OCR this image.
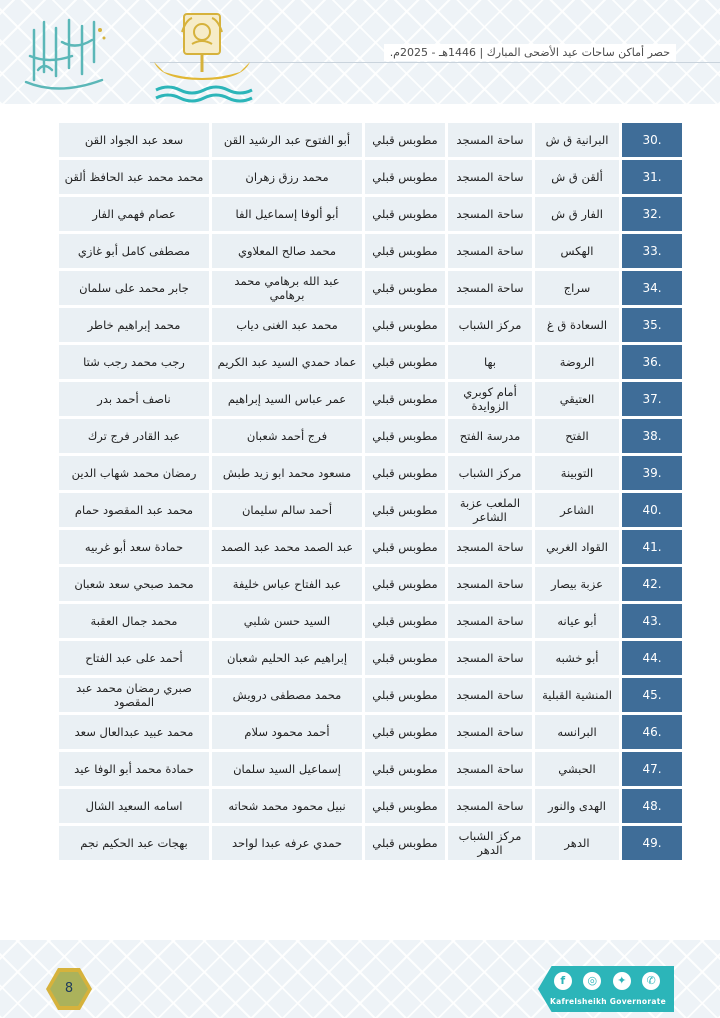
حصر أماكن ساحات عيد الأضحى المبارك | 1446هـ - 2025م.
.30	البرانية ق ش	ساحة المسجد	مطوبس قبلي	أبو الفتوح عبد الرشيد القن	سعد عبد الجواد القن
.31	ألقن ق ش	ساحة المسجد	مطوبس قبلي	محمد رزق زهران	محمد محمد عبد الحافظ ألقن
.32	الفار ق ش	ساحة المسجد	مطوبس قبلي	أبو ألوفا إسماعيل الفا	عصام فهمي الفار
.33	الهكس	ساحة المسجد	مطوبس قبلي	محمد صالح المعلاوي	مصطفى كامل أبو غازي
.34	سراج	ساحة المسجد	مطوبس قبلي	عبد الله برهامي محمد برهامي	جابر محمد على سلمان
.35	السعادة ق غ	مركز الشباب	مطوبس قبلي	محمد عبد الغنى دياب	محمد إبراهيم خاطر
.36	الروضة	بها	مطوبس قبلي	عماد حمدي السيد عبد الكريم	رجب محمد رجب شتا
.37	العتيقي	أمام كوبري الزوايدة	مطوبس قبلي	عمر عباس السيد إبراهيم	ناصف أحمد بدر
.38	الفتح	مدرسة الفتح	مطوبس قبلي	فرج أحمد شعبان	عبد القادر فرج ترك
.39	التوبينة	مركز الشباب	مطوبس قبلي	مسعود محمد ابو زيد طبش	رمضان محمد شهاب الدين
.40	الشاعر	الملعب عزبة الشاعر	مطوبس قبلي	أحمد سالم سليمان	محمد عبد المقصود حمام
.41	القواد الغربي	ساحة المسجد	مطوبس قبلي	عبد الصمد محمد عبد الصمد	حمادة سعد أبو غربيه
.42	عزبة بيصار	ساحة المسجد	مطوبس قبلي	عبد الفتاح عباس خليفة	محمد صبحي سعد شعبان
.43	أبو عيانه	ساحة المسجد	مطوبس قبلي	السيد حسن شلبي	محمد جمال العقبة
.44	أبو خشبه	ساحة المسجد	مطوبس قبلي	إبراهيم عبد الحليم شعبان	أحمد على عبد الفتاح
.45	المنشية القبلية	ساحة المسجد	مطوبس قبلي	محمد مصطفى درويش	صبري رمضان محمد عبد المقصود
.46	البرانسه	ساحة المسجد	مطوبس قبلي	أحمد محمود سلام	محمد عبيد عبدالعال سعد
.47	الحبشي	ساحة المسجد	مطوبس قبلي	إسماعيل السيد سلمان	حمادة محمد أبو الوفا عيد
.48	الهدى والنور	ساحة المسجد	مطوبس قبلي	نبيل محمود محمد شحاته	اسامه السعيد الشال
.49	الدهر	مركز الشباب الدهر	مطوبس قبلي	حمدي عرفه عبدا لواحد	بهجات عبد الحكيم نجم
8
f	◎	✦	✆
Kafrelsheikh Governorate
